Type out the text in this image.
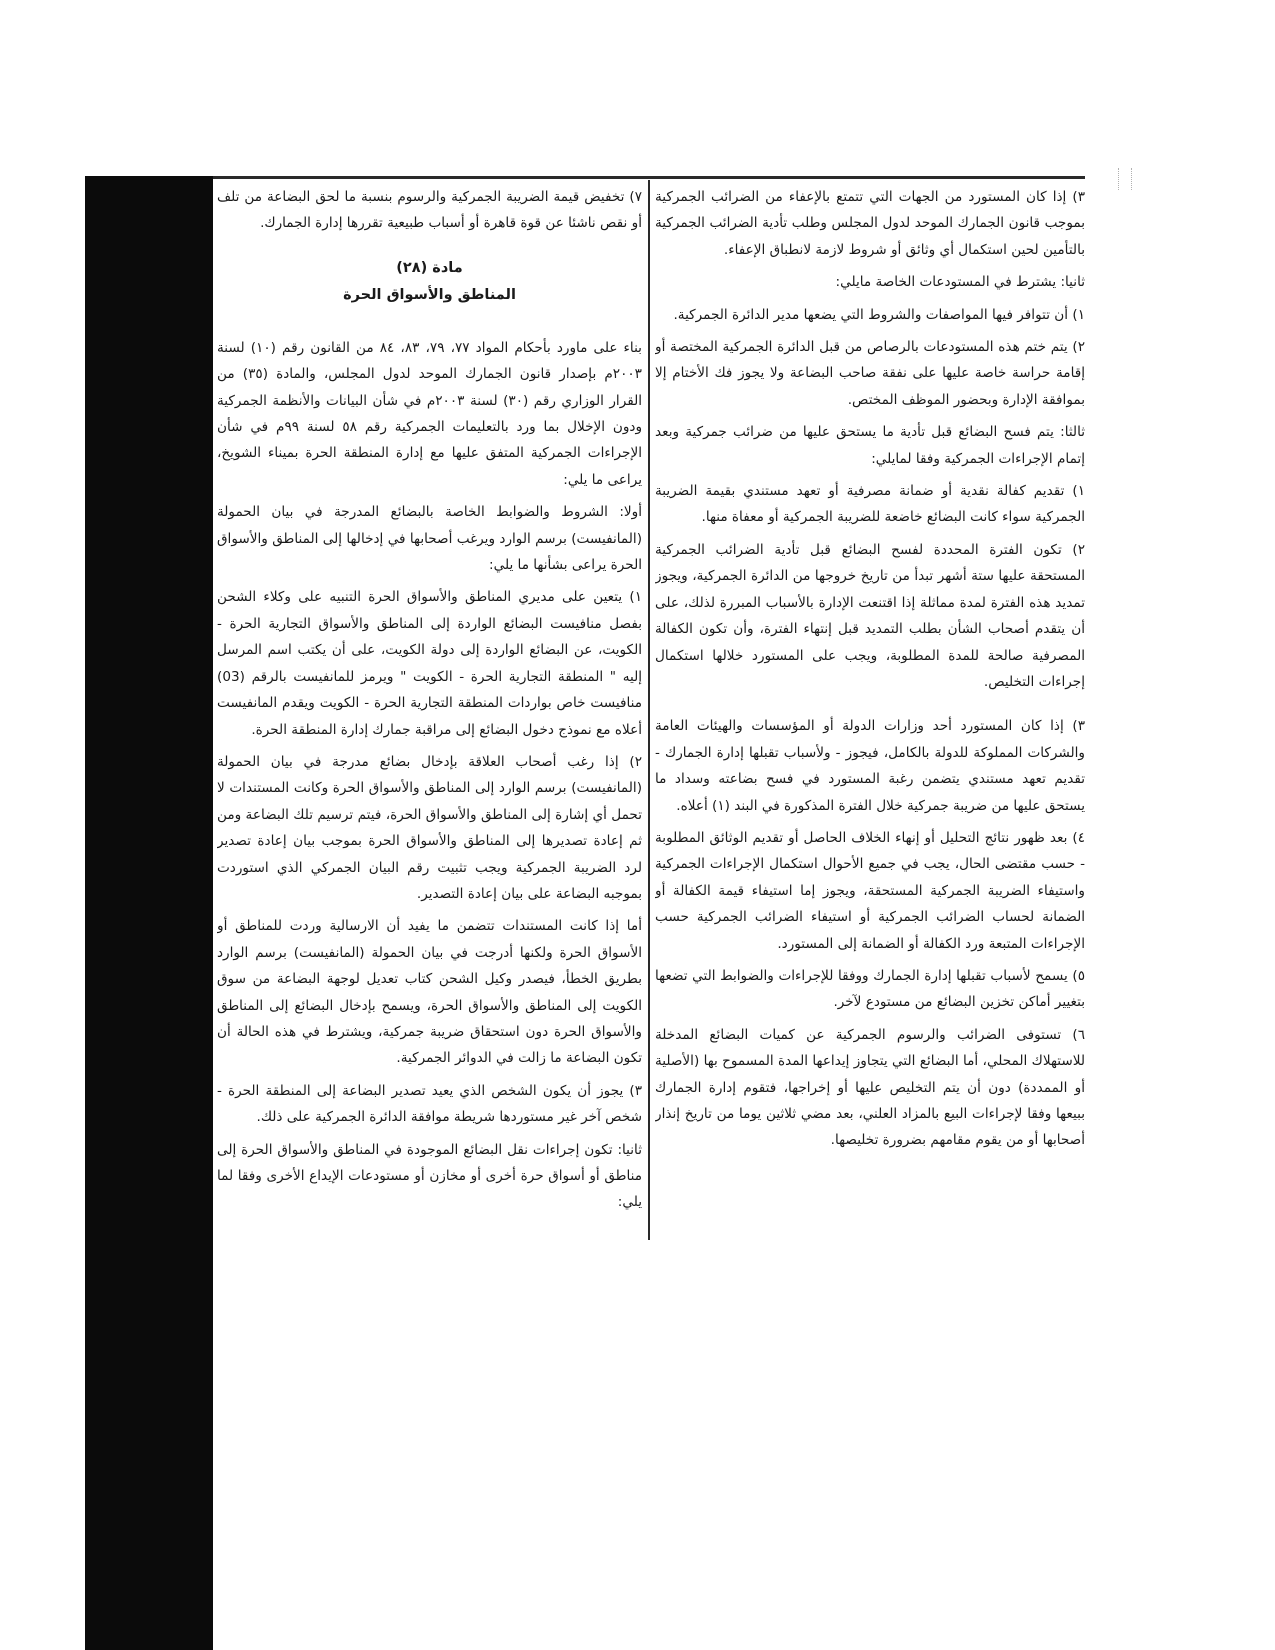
٣) إذا كان المستورد من الجهات التي تتمتع بالإعفاء من الضرائب الجمركية بموجب قانون الجمارك الموحد لدول المجلس وطلب تأدية الضرائب الجمركية بالتأمين لحين استكمال أي وثائق أو شروط لازمة لانطباق الإعفاء.

ثانيا: يشترط في المستودعات الخاصة مايلي:

١) أن تتوافر فيها المواصفات والشروط التي يضعها مدير الدائرة الجمركية.

٢) يتم ختم هذه المستودعات بالرصاص من قبل الدائرة الجمركية المختصة أو إقامة حراسة خاصة عليها على نفقة صاحب البضاعة ولا يجوز فك الأختام إلا بموافقة الإدارة وبحضور الموظف المختص.

ثالثا: يتم فسح البضائع قبل تأدية ما يستحق عليها من ضرائب جمركية وبعد إتمام الإجراءات الجمركية وفقا لمايلي:

١) تقديم كفالة نقدية أو ضمانة مصرفية أو تعهد مستندي بقيمة الضريبة الجمركية سواء كانت البضائع خاضعة للضريبة الجمركية أو معفاة منها.

٢) تكون الفترة المحددة لفسح البضائع قبل تأدية الضرائب الجمركية المستحقة عليها ستة أشهر تبدأ من تاريخ خروجها من الدائرة الجمركية، ويجوز تمديد هذه الفترة لمدة مماثلة إذا اقتنعت الإدارة بالأسباب المبررة لذلك، على أن يتقدم أصحاب الشأن بطلب التمديد قبل إنتهاء الفترة، وأن تكون الكفالة المصرفية صالحة للمدة المطلوبة، ويجب على المستورد خلالها استكمال إجراءات التخليص.

٣) إذا كان المستورد أحد وزارات الدولة أو المؤسسات والهيئات العامة والشركات المملوكة للدولة بالكامل، فيجوز - ولأسباب تقبلها إدارة الجمارك - تقديم تعهد مستندي يتضمن رغبة المستورد في فسح بضاعته وسداد ما يستحق عليها من ضريبة جمركية خلال الفترة المذكورة في البند (١) أعلاه.

٤) بعد ظهور نتائج التحليل أو إنهاء الخلاف الحاصل أو تقديم الوثائق المطلوبة - حسب مقتضى الحال، يجب في جميع الأحوال استكمال الإجراءات الجمركية واستيفاء الضريبة الجمركية المستحقة، ويجوز إما استيفاء قيمة الكفالة أو الضمانة لحساب الضرائب الجمركية أو استيفاء الضرائب الجمركية حسب الإجراءات المتبعة ورد الكفالة أو الضمانة إلى المستورد.

٥) يسمح لأسباب تقبلها إدارة الجمارك ووفقا للإجراءات والضوابط التي تضعها بتغيير أماكن تخزين البضائع من مستودع لآخر.

٦) تستوفى الضرائب والرسوم الجمركية عن كميات البضائع المدخلة للاستهلاك المحلي، أما البضائع التي يتجاوز إيداعها المدة المسموح بها (الأصلية أو الممددة) دون أن يتم التخليص عليها أو إخراجها، فتقوم إدارة الجمارك ببيعها وفقا لإجراءات البيع بالمزاد العلني، بعد مضي ثلاثين يوما من تاريخ إنذار أصحابها أو من يقوم مقامهم بضرورة تخليصها.

٧) تخفيض قيمة الضريبة الجمركية والرسوم بنسبة ما لحق البضاعة من تلف أو نقص ناشئا عن قوة قاهرة أو أسباب طبيعية تقررها إدارة الجمارك.

مادة (٢٨)
المناطق والأسواق الحرة

بناء على ماورد بأحكام المواد ٧٧، ٧٩، ٨٣، ٨٤ من القانون رقم (١٠) لسنة ٢٠٠٣م بإصدار قانون الجمارك الموحد لدول المجلس، والمادة (٣٥) من القرار الوزاري رقم (٣٠) لسنة ٢٠٠٣م في شأن البيانات والأنظمة الجمركية ودون الإخلال بما ورد بالتعليمات الجمركية رقم ٥٨ لسنة ٩٩م في شأن الإجراءات الجمركية المتفق عليها مع إدارة المنطقة الحرة بميناء الشويخ، يراعى ما يلي:

أولا: الشروط والضوابط الخاصة بالبضائع المدرجة في بيان الحمولة (المانفيست) برسم الوارد ويرغب أصحابها في إدخالها إلى المناطق والأسواق الحرة يراعى بشأنها ما يلي:

١) يتعين على مديري المناطق والأسواق الحرة التنبيه على وكلاء الشحن بفصل منافيست البضائع الواردة إلى المناطق والأسواق التجارية الحرة - الكويت، عن البضائع الواردة إلى دولة الكويت، على أن يكتب اسم المرسل إليه " المنطقة التجارية الحرة - الكويت " ويرمز للمانفيست بالرقم (03) منافيست خاص بواردات المنطقة التجارية الحرة - الكويت ويقدم المانفيست أعلاه مع نموذج دخول البضائع إلى مراقبة جمارك إدارة المنطقة الحرة.

٢) إذا رغب أصحاب العلاقة بإدخال بضائع مدرجة في بيان الحمولة (المانفيست) برسم الوارد إلى المناطق والأسواق الحرة وكانت المستندات لا تحمل أي إشارة إلى المناطق والأسواق الحرة، فيتم ترسيم تلك البضاعة ومن ثم إعادة تصديرها إلى المناطق والأسواق الحرة بموجب بيان إعادة تصدير لرد الضريبة الجمركية ويجب تثبيت رقم البيان الجمركي الذي استوردت بموجبه البضاعة على بيان إعادة التصدير.

أما إذا كانت المستندات تتضمن ما يفيد أن الارسالية وردت للمناطق أو الأسواق الحرة ولكنها أدرجت في بيان الحمولة (المانفيست) برسم الوارد بطريق الخطأ، فيصدر وكيل الشحن كتاب تعديل لوجهة البضاعة من سوق الكويت إلى المناطق والأسواق الحرة، ويسمح بإدخال البضائع إلى المناطق والأسواق الحرة دون استحقاق ضريبة جمركية، ويشترط في هذه الحالة أن تكون البضاعة ما زالت في الدوائر الجمركية.

٣) يجوز أن يكون الشخص الذي يعيد تصدير البضاعة إلى المنطقة الحرة - شخص آخر غير مستوردها شريطة موافقة الدائرة الجمركية على ذلك.

ثانيا: تكون إجراءات نقل البضائع الموجودة في المناطق والأسواق الحرة إلى مناطق أو أسواق حرة أخرى أو مخازن أو مستودعات الإيداع الأخرى وفقا لما يلي:
